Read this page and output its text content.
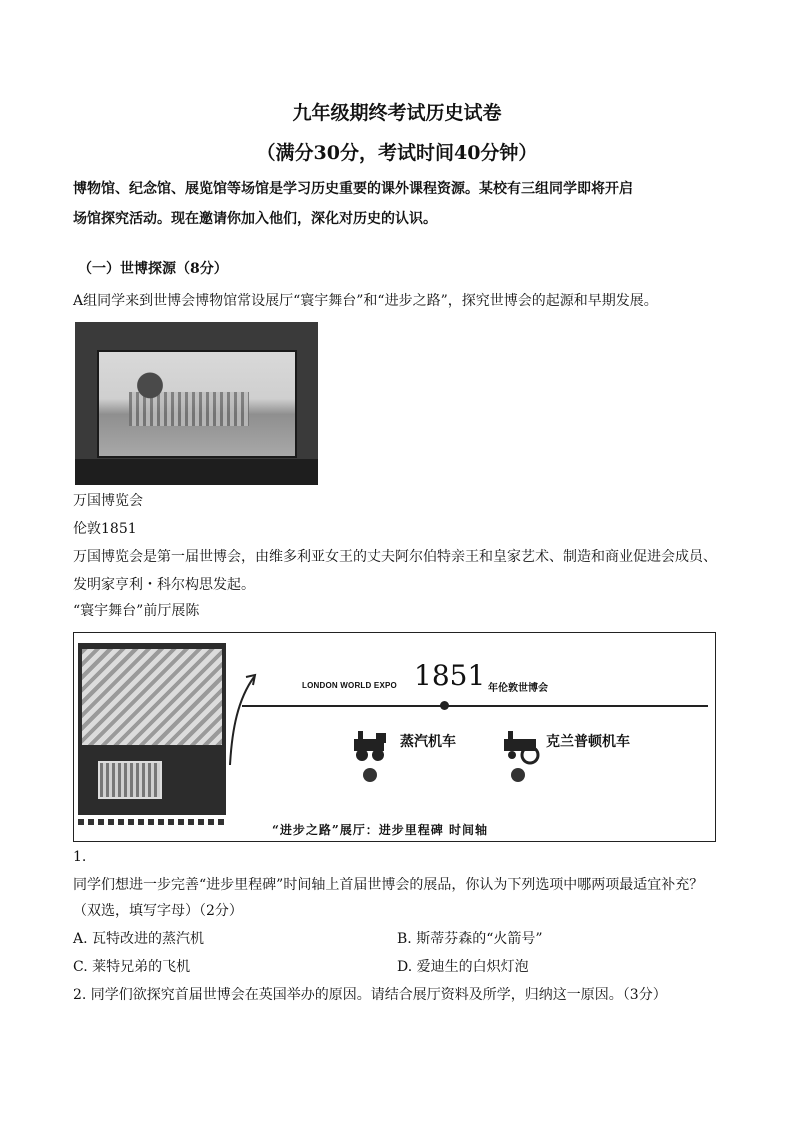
九年级期终考试历史试卷
（满分30分，考试时间40分钟）
博物馆、纪念馆、展览馆等场馆是学习历史重要的课外课程资源。某校有三组同学即将开启
场馆探究活动。现在邀请你加入他们，深化对历史的认识。
（一）世博探源（8分）
A组同学来到世博会博物馆常设展厅“寰宇舞台”和“进步之路”，探究世博会的起源和早期发展。
万国博览会
伦敦1851
万国博览会是第一届世博会，由维多利亚女王的丈夫阿尔伯特亲王和皇家艺术、制造和商业促进会成员、
发明家亨利・科尔构思发起。
“寰宇舞台”前厅展陈
LONDON WORLD EXPO 1851 年伦敦世博会
蒸汽机车	克兰普顿机车
“进步之路”展厅：进步里程碑 时间轴
1.
同学们想进一步完善“进步里程碑”时间轴上首届世博会的展品，你认为下列选项中哪两项最适宜补充？
（双选，填写字母）（2分）
A. 瓦特改进的蒸汽机	B. 斯蒂芬森的“火箭号”
C. 莱特兄弟的飞机	D. 爱迪生的白炽灯泡
2. 同学们欲探究首届世博会在英国举办的原因。请结合展厅资料及所学，归纳这一原因。（3分）
